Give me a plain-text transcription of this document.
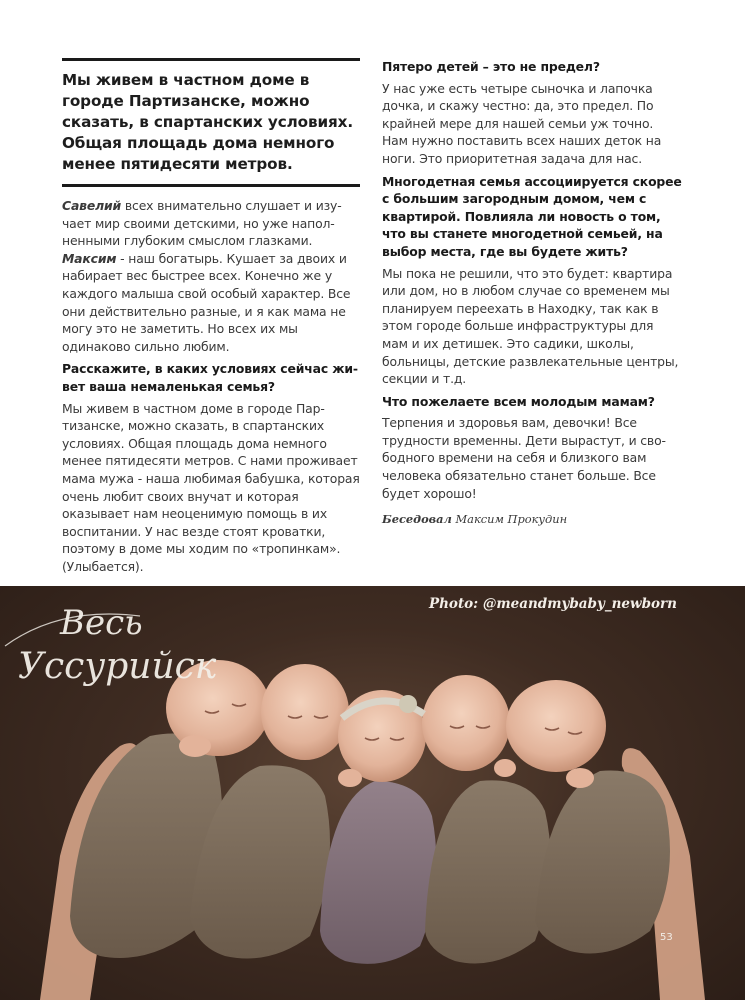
Мы живем в частном доме в городе Партизанске, можно сказать, в спартанских условиях. Общая площадь дома немного менее пятидесяти метров.

Савелий всех внимательно слушает и изучает мир своими детскими, но уже наполненными глубоким смыслом глазками. Максим - наш богатырь. Кушает за двоих и набирает вес быстрее всех. Конечно же у каждого малыша свой особый характер. Все они действительно разные, и я как мама не могу это не заметить. Но всех их мы одинаково сильно любим.

Расскажите, в каких условиях сейчас живет ваша немаленькая семья?

Мы живем в частном доме в городе Партизанске, можно сказать, в спартанских условиях. Общая площадь дома немного менее пятидесяти метров. С нами проживает мама мужа - наша любимая бабушка, которая очень любит своих внучат и которая оказывает нам неоценимую помощь в их воспитании. У нас везде стоят кроватки, поэтому в доме мы ходим по «тропинкам». (Улыбается).

Пятеро детей – это не предел?

У нас уже есть четыре сыночка и лапочка дочка, и скажу честно: да, это предел. По крайней мере для нашей семьи уж точно. Нам нужно поставить всех наших деток на ноги. Это приоритетная задача для нас.

Многодетная семья ассоциируется скорее с большим загородным домом, чем с квартирой. Повлияла ли новость о том, что вы станете многодетной семьей, на выбор места, где вы будете жить?

Мы пока не решили, что это будет: квартира или дом, но в любом случае со временем мы планируем переехать в Находку, так как в этом городе больше инфраструктуры для мам и их детишек. Это садики, школы, больницы, детские развлекательные центры, секции и т.д.

Что пожелаете всем молодым мамам?

Терпения и здоровья вам, девочки! Все трудности временны. Дети вырастут, и свободного времени на себя и близкого вам человека обязательно станет больше. Все будет хорошо!

Беседовал Максим Прокудин
Photo: @meandmybaby_newborn
Весь
Уссурийск
53
